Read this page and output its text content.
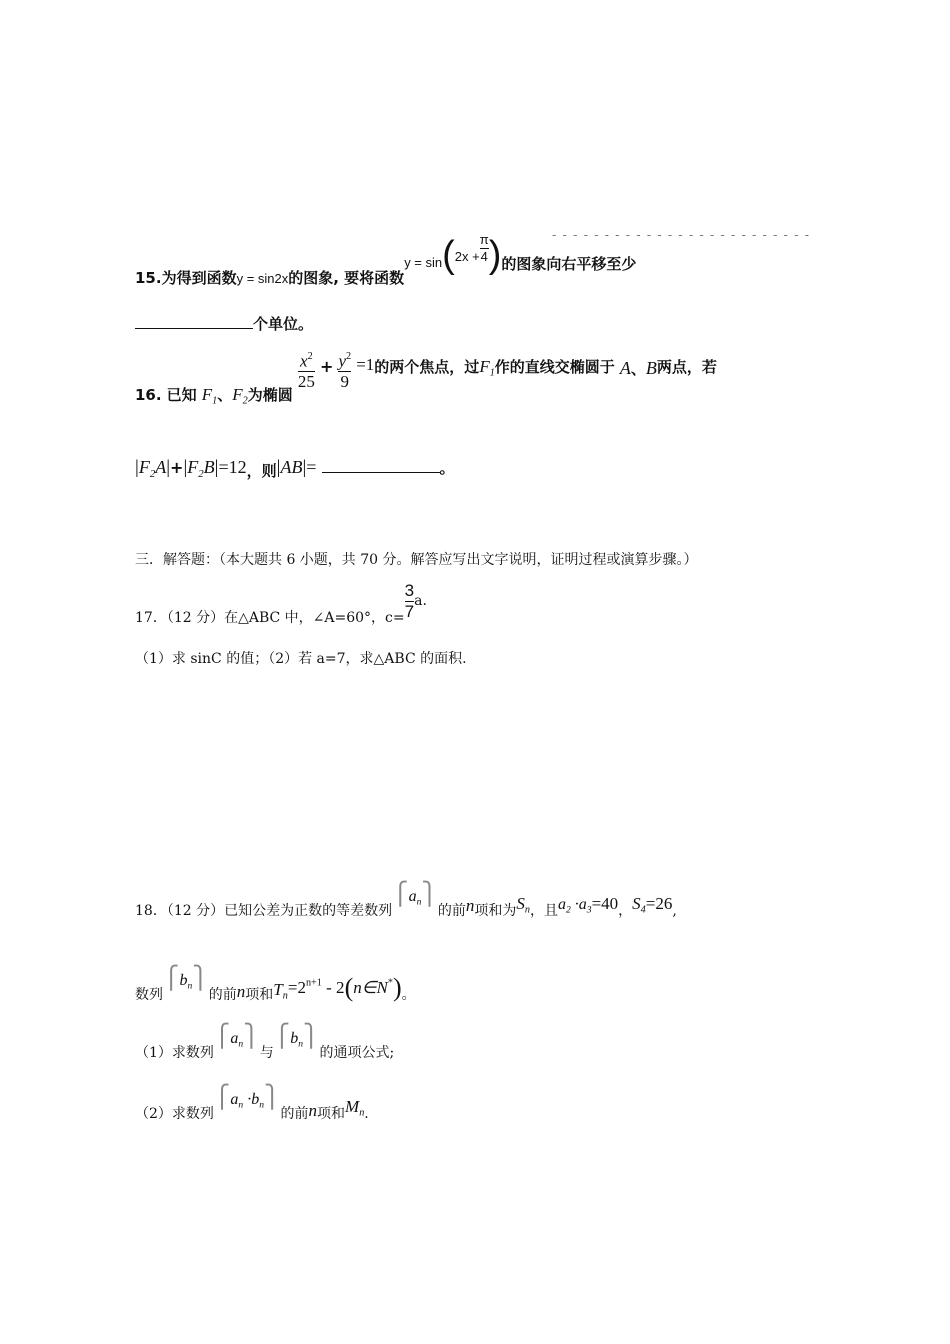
- - - - - - - - - - - - - - - - - - - - - - - - -
15.为得到函数$_{y = sin2x}$的图象, 要将函数$_{y = sin}(2x + \frac{\pi}{4}$ )的图象向右平移至少
个单位。
16. 已知 $F_1$、$F_2$为椭圆
$\frac{x^2}{25} + \frac{y^2}{9} =1$的两个焦点，过$F_1$作的直线交椭圆于 A、B两点，若
$|F_2A|+|F_2B|=12$，则|AB|=	。
三．解答题：（本大题共 6 小题，共 70 分。解答应写出文字说明，证明过程或演算步骤。）
17．（12 分）在△ABC 中，∠A=60°，$c= \frac{3}{7} a$.
（1）求 sinC 的值；（2）若 a=7，求△ABC 的面积.
18．（12 分）已知公差为正数的等差数列$⎧a_n⎫$的前n项和为$S_n$，且$a_2 \cdot a_3=40$，$S_4=26$,
数列$⎧b_n⎫$的前n项和$T_n=2^{n+1}$ - 2(n∈N*)。
（1）求数列$⎧a_n⎫$与$⎧b_n⎫$的通项公式;
（2）求数列$⎧a_n$ $\cdot b_n⎫$的前n项和$M_n$.
